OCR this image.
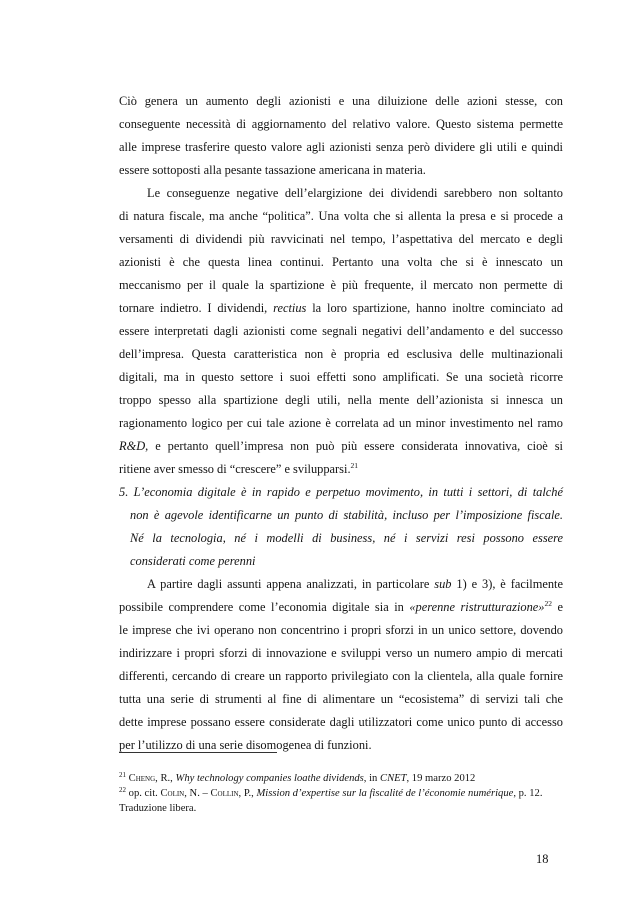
Ciò genera un aumento degli azionisti e una diluizione delle azioni stesse, con
conseguente necessità di aggiornamento del relativo valore. Questo sistema permette
alle imprese trasferire questo valore agli azionisti senza però dividere gli utili e quindi
essere sottoposti alla pesante tassazione americana in materia.
Le conseguenze negative dell’elargizione dei dividendi sarebbero non soltanto
di natura fiscale, ma anche “politica”. Una volta che si allenta la presa e si procede a
versamenti di dividendi più ravvicinati nel tempo, l’aspettativa del mercato e degli
azionisti è che questa linea continui. Pertanto una volta che si è innescato un
meccanismo per il quale la spartizione è più frequente, il mercato non permette di
tornare indietro. I dividendi, rectius la loro spartizione, hanno inoltre cominciato ad
essere interpretati dagli azionisti come segnali negativi dell’andamento e del successo
dell’impresa. Questa caratteristica non è propria ed esclusiva delle multinazionali
digitali, ma in questo settore i suoi effetti sono amplificati. Se una società ricorre
troppo spesso alla spartizione degli utili, nella mente dell’azionista si innesca un
ragionamento logico per cui tale azione è correlata ad un minor investimento nel ramo
R&D, e pertanto quell’impresa non può più essere considerata innovativa, cioè si
ritiene aver smesso di “crescere” e svilupparsi.$^{21}$
5. L’economia digitale è in rapido e perpetuo movimento, in tutti i settori, di talché
non è agevole identificarne un punto di stabilità, incluso per l’imposizione fiscale.
Né la tecnologia, né i modelli di business, né i servizi resi possono essere
considerati come perenni
A partire dagli assunti appena analizzati, in particolare sub 1) e 3), è facilmente
possibile comprendere come l’economia digitale sia in «perenne ristrutturazione»$^{22}$ e
le imprese che ivi operano non concentrino i propri sforzi in un unico settore, dovendo
indirizzare i propri sforzi di innovazione e sviluppi verso un numero ampio di mercati
differenti, cercando di creare un rapporto privilegiato con la clientela, alla quale fornire
tutta una serie di strumenti al fine di alimentare un “ecosistema” di servizi tali che
dette imprese possano essere considerate dagli utilizzatori come unico punto di accesso
per l’utilizzo di una serie disomogenea di funzioni.
$^{21}$ Cheng, R., Why technology companies loathe dividends, in CNET, 19 marzo 2012
$^{22}$ op. cit. Colin, N. – Collin, P., Mission d’expertise sur la fiscalité de l’économie numérique, p. 12.
Traduzione libera.
18
